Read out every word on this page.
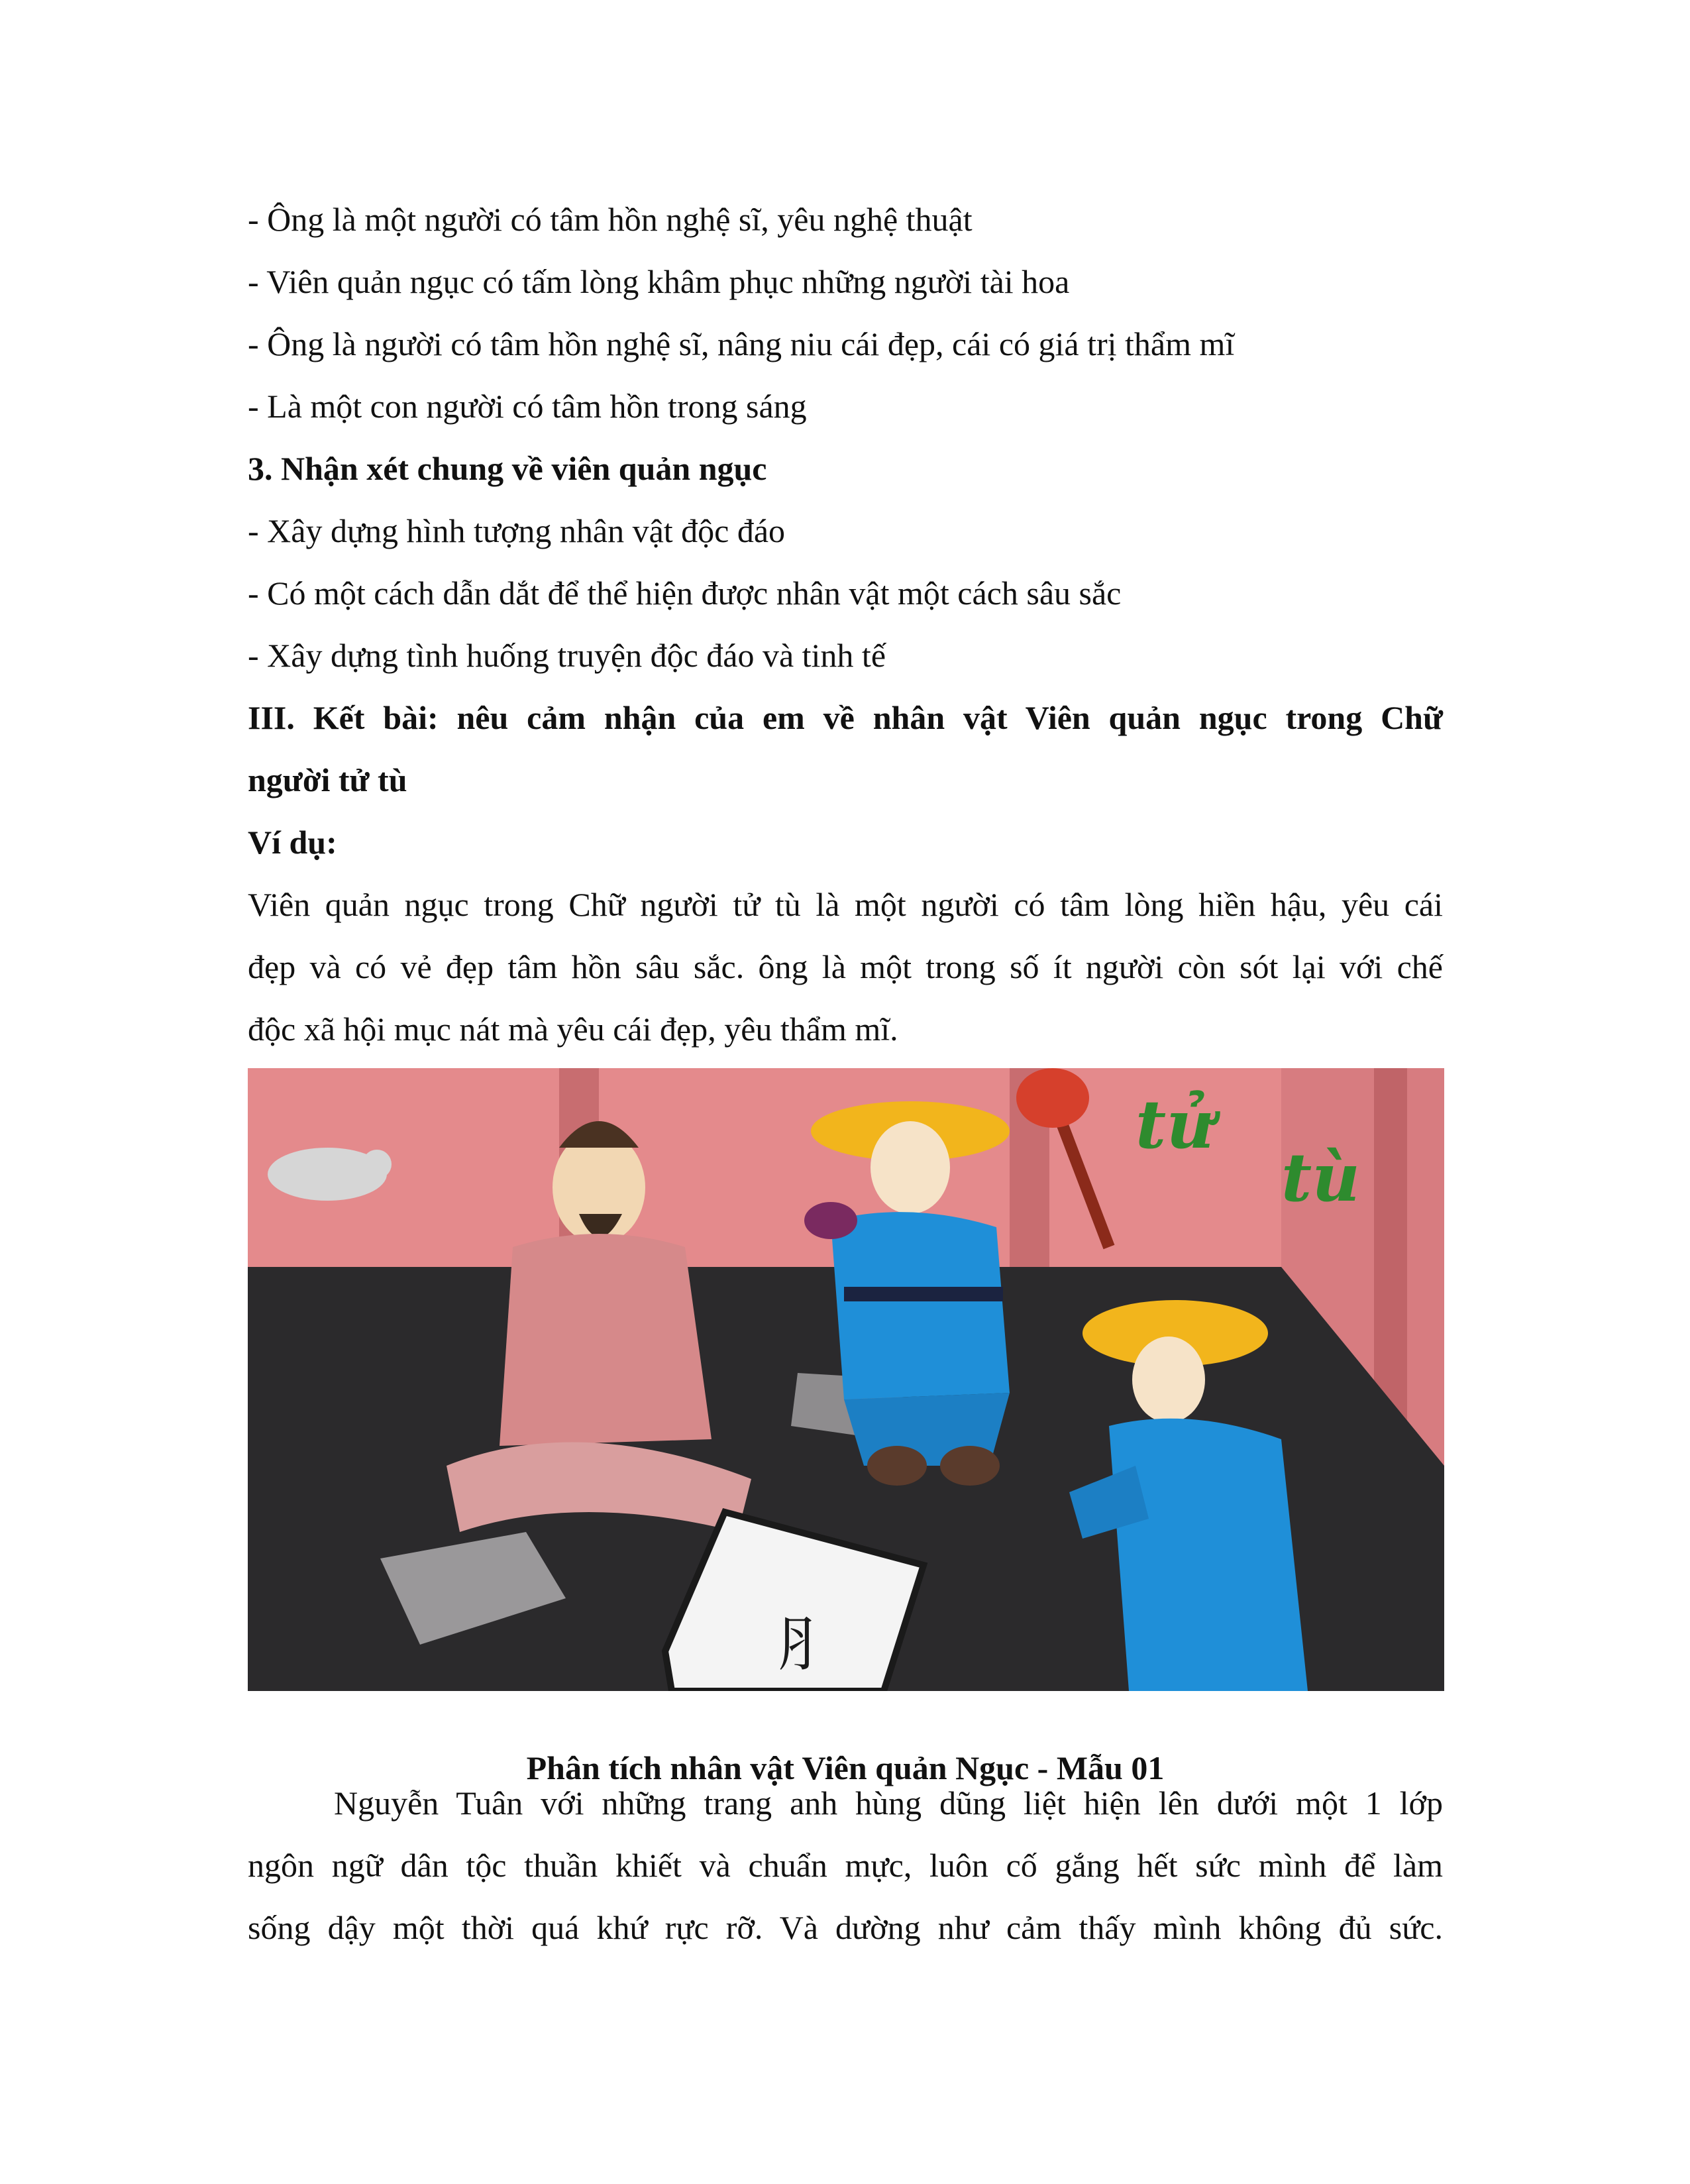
- Ông là một người có tâm hồn nghệ sĩ, yêu nghệ thuật

- Viên quản ngục có tấm lòng khâm phục những người tài hoa

- Ông là người có tâm hồn nghệ sĩ, nâng niu cái đẹp, cái có giá trị thẩm mĩ

- Là một con người có tâm hồn trong sáng

3. Nhận xét chung về viên quản ngục

- Xây dựng hình tượng nhân vật độc đáo

- Có một cách dẫn dắt để thể hiện được nhân vật một cách sâu sắc

- Xây dựng tình huống truyện độc đáo và tinh tế

III. Kết bài: nêu cảm nhận của em về nhân vật Viên quản ngục trong Chữ

người tử tù

Ví dụ:

Viên quản ngục trong Chữ người tử tù là một người có tâm lòng hiền hậu, yêu cái

đẹp và có vẻ đẹp tâm hồn sâu sắc. ông là một trong số ít người còn sót lại với chế

độc xã hội mục nát mà yêu cái đẹp, yêu thẩm mĩ.

⺼
tử
tù

Phân tích nhân vật Viên quản Ngục - Mẫu 01

Nguyễn Tuân với những trang anh hùng dũng liệt hiện lên dưới một 1 lớp

ngôn ngữ dân tộc thuần khiết và chuẩn mực, luôn cố gắng hết sức mình để làm

sống dậy một thời quá khứ rực rỡ. Và dường như cảm thấy mình không đủ sức.
